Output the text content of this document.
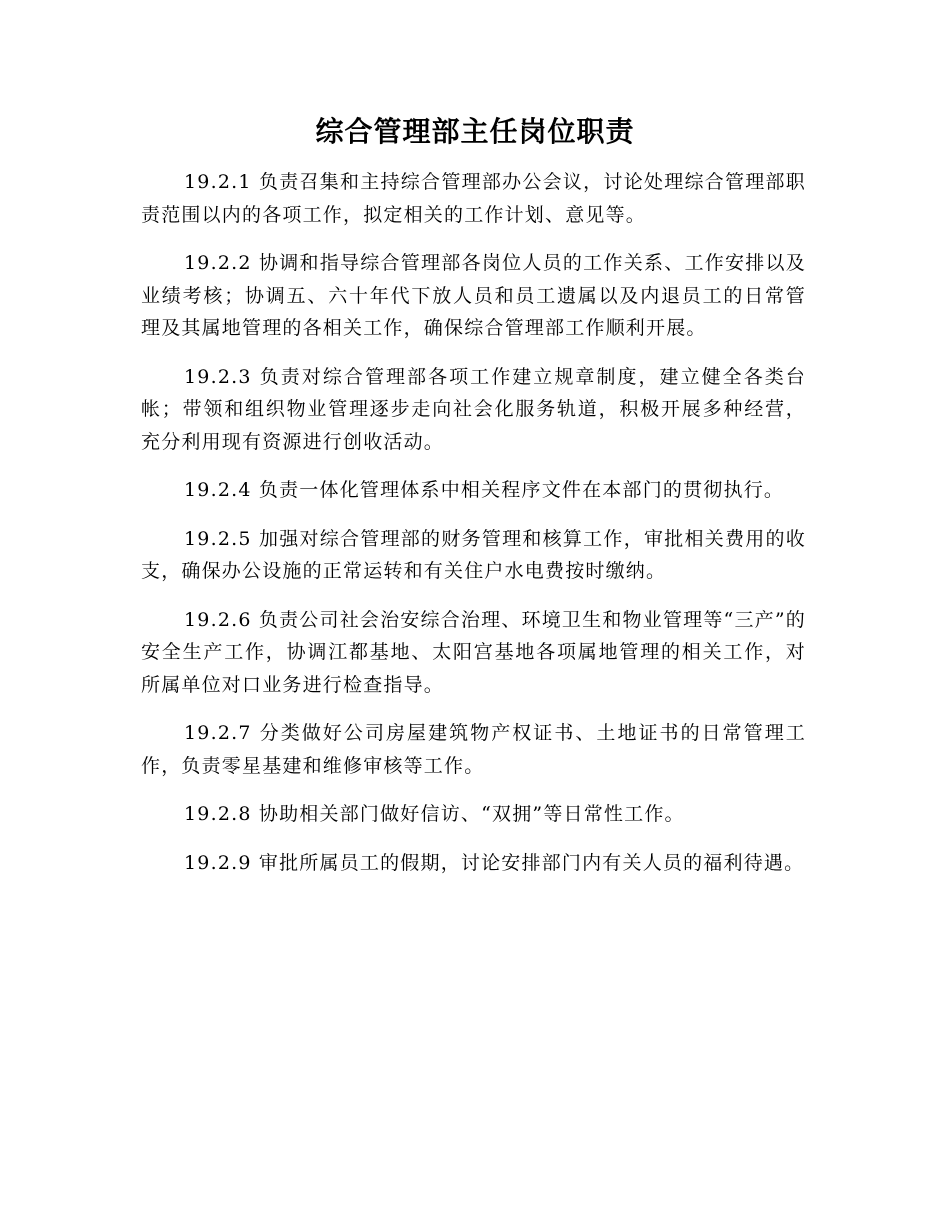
综合管理部主任岗位职责

19.2.1 负责召集和主持综合管理部办公会议，讨论处理综合管理部职责范围以内的各项工作，拟定相关的工作计划、意见等。

19.2.2 协调和指导综合管理部各岗位人员的工作关系、工作安排以及业绩考核；协调五、六十年代下放人员和员工遗属以及内退员工的日常管理及其属地管理的各相关工作，确保综合管理部工作顺利开展。

19.2.3 负责对综合管理部各项工作建立规章制度，建立健全各类台帐；带领和组织物业管理逐步走向社会化服务轨道，积极开展多种经营，充分利用现有资源进行创收活动。

19.2.4 负责一体化管理体系中相关程序文件在本部门的贯彻执行。

19.2.5 加强对综合管理部的财务管理和核算工作，审批相关费用的收支，确保办公设施的正常运转和有关住户水电费按时缴纳。

19.2.6 负责公司社会治安综合治理、环境卫生和物业管理等“三产”的安全生产工作，协调江都基地、太阳宫基地各项属地管理的相关工作，对所属单位对口业务进行检查指导。

19.2.7 分类做好公司房屋建筑物产权证书、土地证书的日常管理工作，负责零星基建和维修审核等工作。

19.2.8 协助相关部门做好信访、“双拥”等日常性工作。

19.2.9 审批所属员工的假期，讨论安排部门内有关人员的福利待遇。
